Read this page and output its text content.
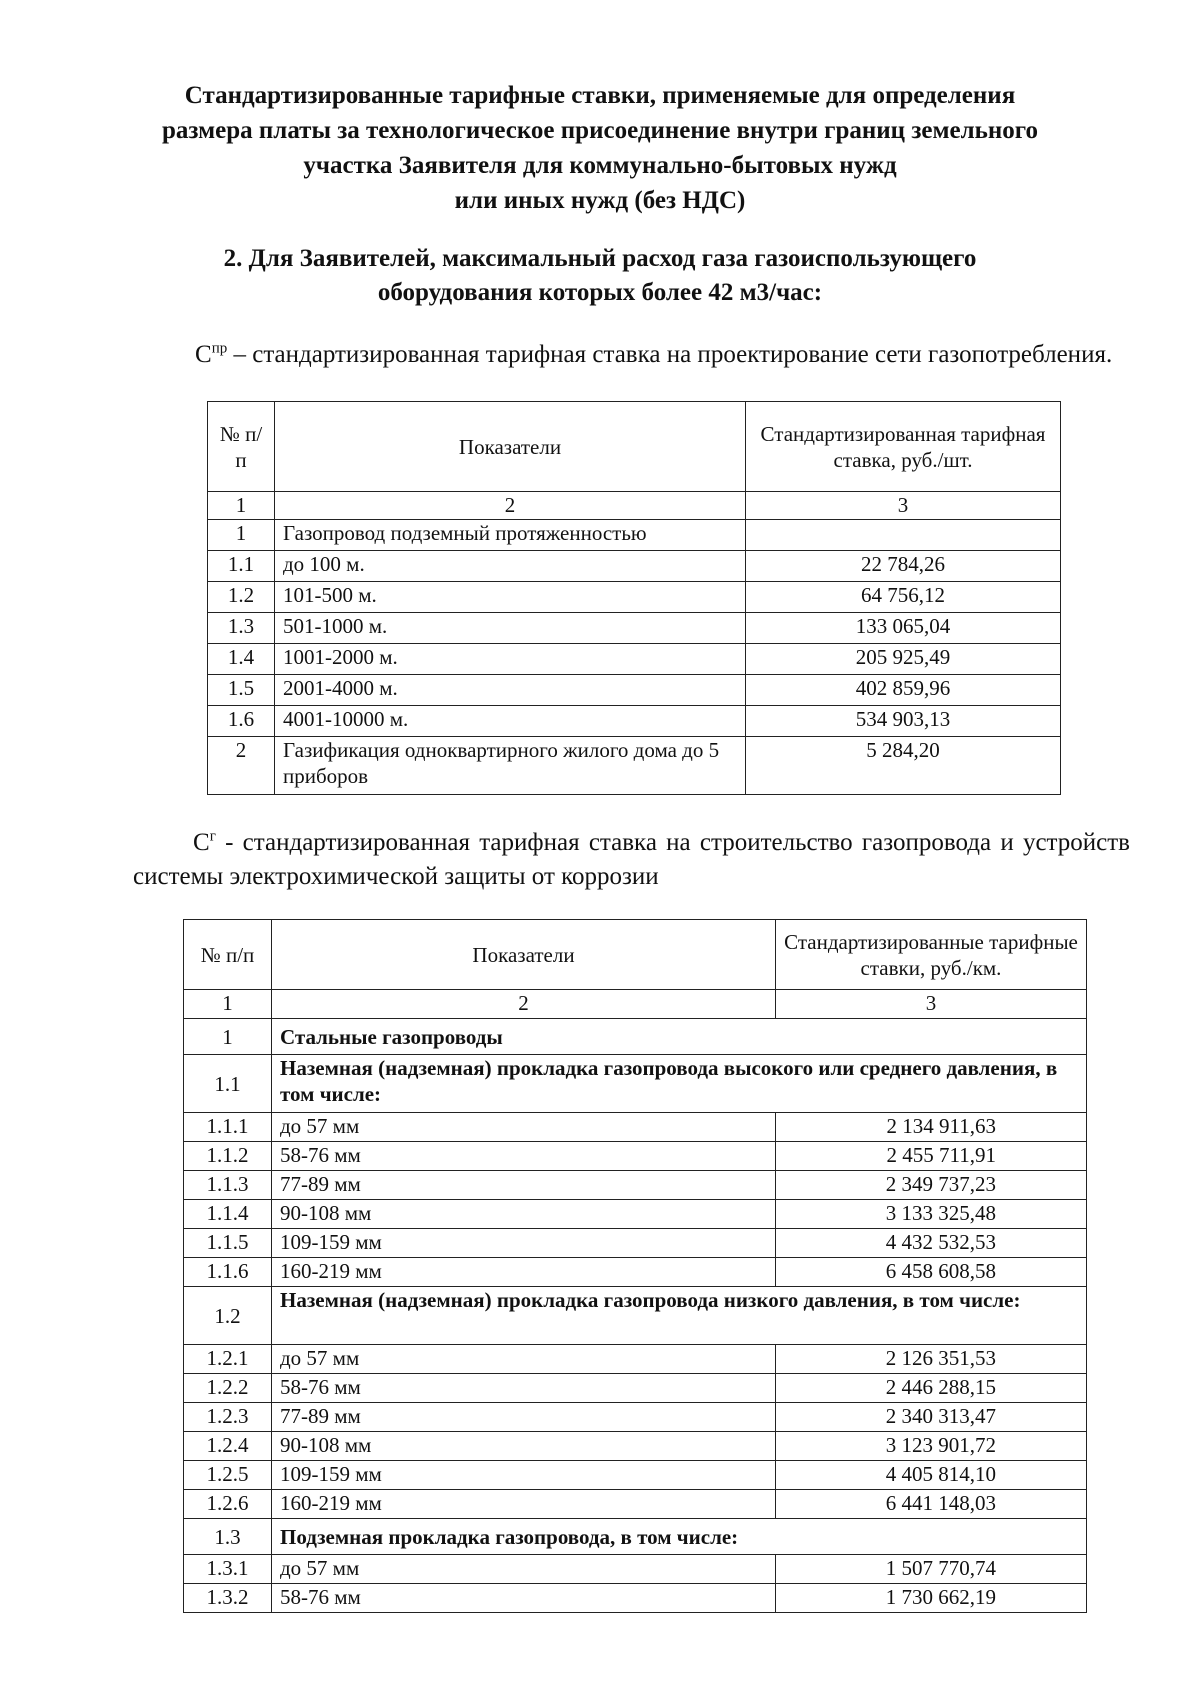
Стандартизированные тарифные ставки, применяемые для определения
размера платы за технологическое присоединение внутри границ земельного
участка Заявителя для коммунально-бытовых нужд
или иных нужд (без НДС)
2. Для Заявителей, максимальный расход газа газоиспользующего
оборудования которых более 42 м3/час:
$С^{пр}$ – стандартизированная тарифная ставка на проектирование сети газопотребления.
№ п/п	Показатели	Стандартизированная тарифная ставка, руб./шт.
1	2	3
1	Газопровод подземный протяженностью	
1.1	до 100 м.	22 784,26
1.2	101-500 м.	64 756,12
1.3	501-1000 м.	133 065,04
1.4	1001-2000 м.	205 925,49
1.5	2001-4000 м.	402 859,96
1.6	4001-10000 м.	534 903,13
2	Газификация одноквартирного жилого дома до 5 приборов	5 284,20
$С^г$ - стандартизированная тарифная ставка на строительство газопровода и устройств системы электрохимической защиты от коррозии
№ п/п	Показатели	Стандартизированные тарифные ставки, руб./км.
1	2	3
1	Стальные газопроводы	
1.1	Наземная (надземная) прокладка газопровода высокого или среднего давления, в том числе:	
1.1.1	до 57 мм	2 134 911,63
1.1.2	58-76 мм	2 455 711,91
1.1.3	77-89 мм	2 349 737,23
1.1.4	90-108 мм	3 133 325,48
1.1.5	109-159 мм	4 432 532,53
1.1.6	160-219 мм	6 458 608,58
1.2	Наземная (надземная) прокладка газопровода низкого давления, в том числе:	
1.2.1	до 57 мм	2 126 351,53
1.2.2	58-76 мм	2 446 288,15
1.2.3	77-89 мм	2 340 313,47
1.2.4	90-108 мм	3 123 901,72
1.2.5	109-159 мм	4 405 814,10
1.2.6	160-219 мм	6 441 148,03
1.3	Подземная прокладка газопровода, в том числе:	
1.3.1	до 57 мм	1 507 770,74
1.3.2	58-76 мм	1 730 662,19
